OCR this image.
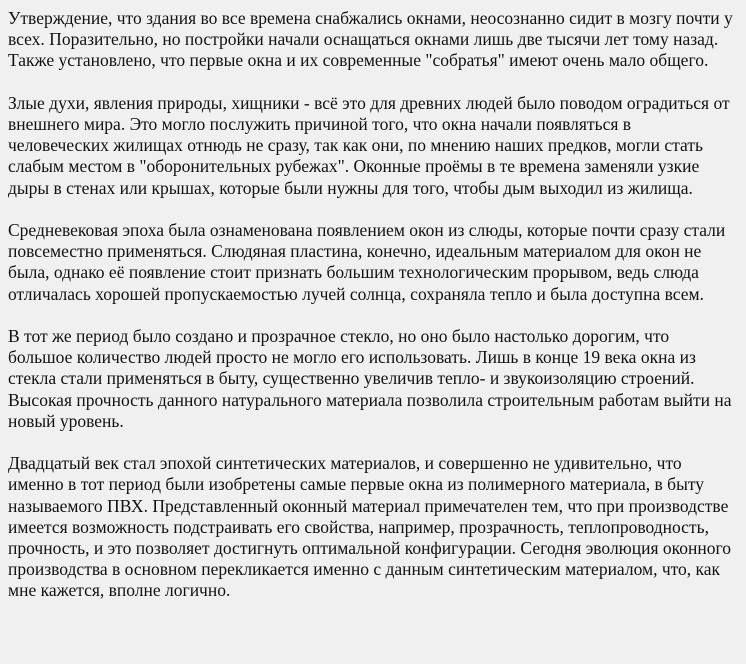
Утверждение, что здания во все времена снабжались окнами, неосознанно сидит в мозгу почти у всех. Поразительно, но постройки начали оснащаться окнами лишь две тысячи лет тому назад. Также установлено, что первые окна и их современные "собратья" имеют очень мало общего.

Злые духи, явления природы, хищники - всё это для древних людей было поводом оградиться от внешнего мира. Это могло послужить причиной того, что окна начали появляться в человеческих жилищах отнюдь не сразу, так как они, по мнению наших предков, могли стать слабым местом в "оборонительных рубежах". Оконные проёмы в те времена заменяли узкие дыры в стенах или крышах, которые были нужны для того, чтобы дым выходил из жилища.

Средневековая эпоха была ознаменована появлением окон из слюды, которые почти сразу стали повсеместно применяться. Слюдяная пластина, конечно, идеальным материалом для окон не была, однако её появление стоит признать большим технологическим прорывом, ведь слюда отличалась хорошей пропускаемостью лучей солнца, сохраняла тепло и была доступна всем.

В тот же период было создано и прозрачное стекло, но оно было настолько дорогим, что большое количество людей просто не могло его использовать. Лишь в конце 19 века окна из стекла стали применяться в быту, существенно увеличив тепло- и звукоизоляцию строений. Высокая прочность данного натурального материала позволила строительным работам выйти на новый уровень.

Двадцатый век стал эпохой синтетических материалов, и совершенно не удивительно, что именно в тот период были изобретены самые первые окна из полимерного материала, в быту называемого ПВХ. Представленный оконный материал примечателен тем, что при производстве имеется возможность подстраивать его свойства, например, прозрачность, теплопроводность, прочность, и это позволяет достигнуть оптимальной конфигурации. Сегодня эволюция оконного производства в основном перекликается именно с данным синтетическим материалом, что, как мне кажется, вполне логично.
